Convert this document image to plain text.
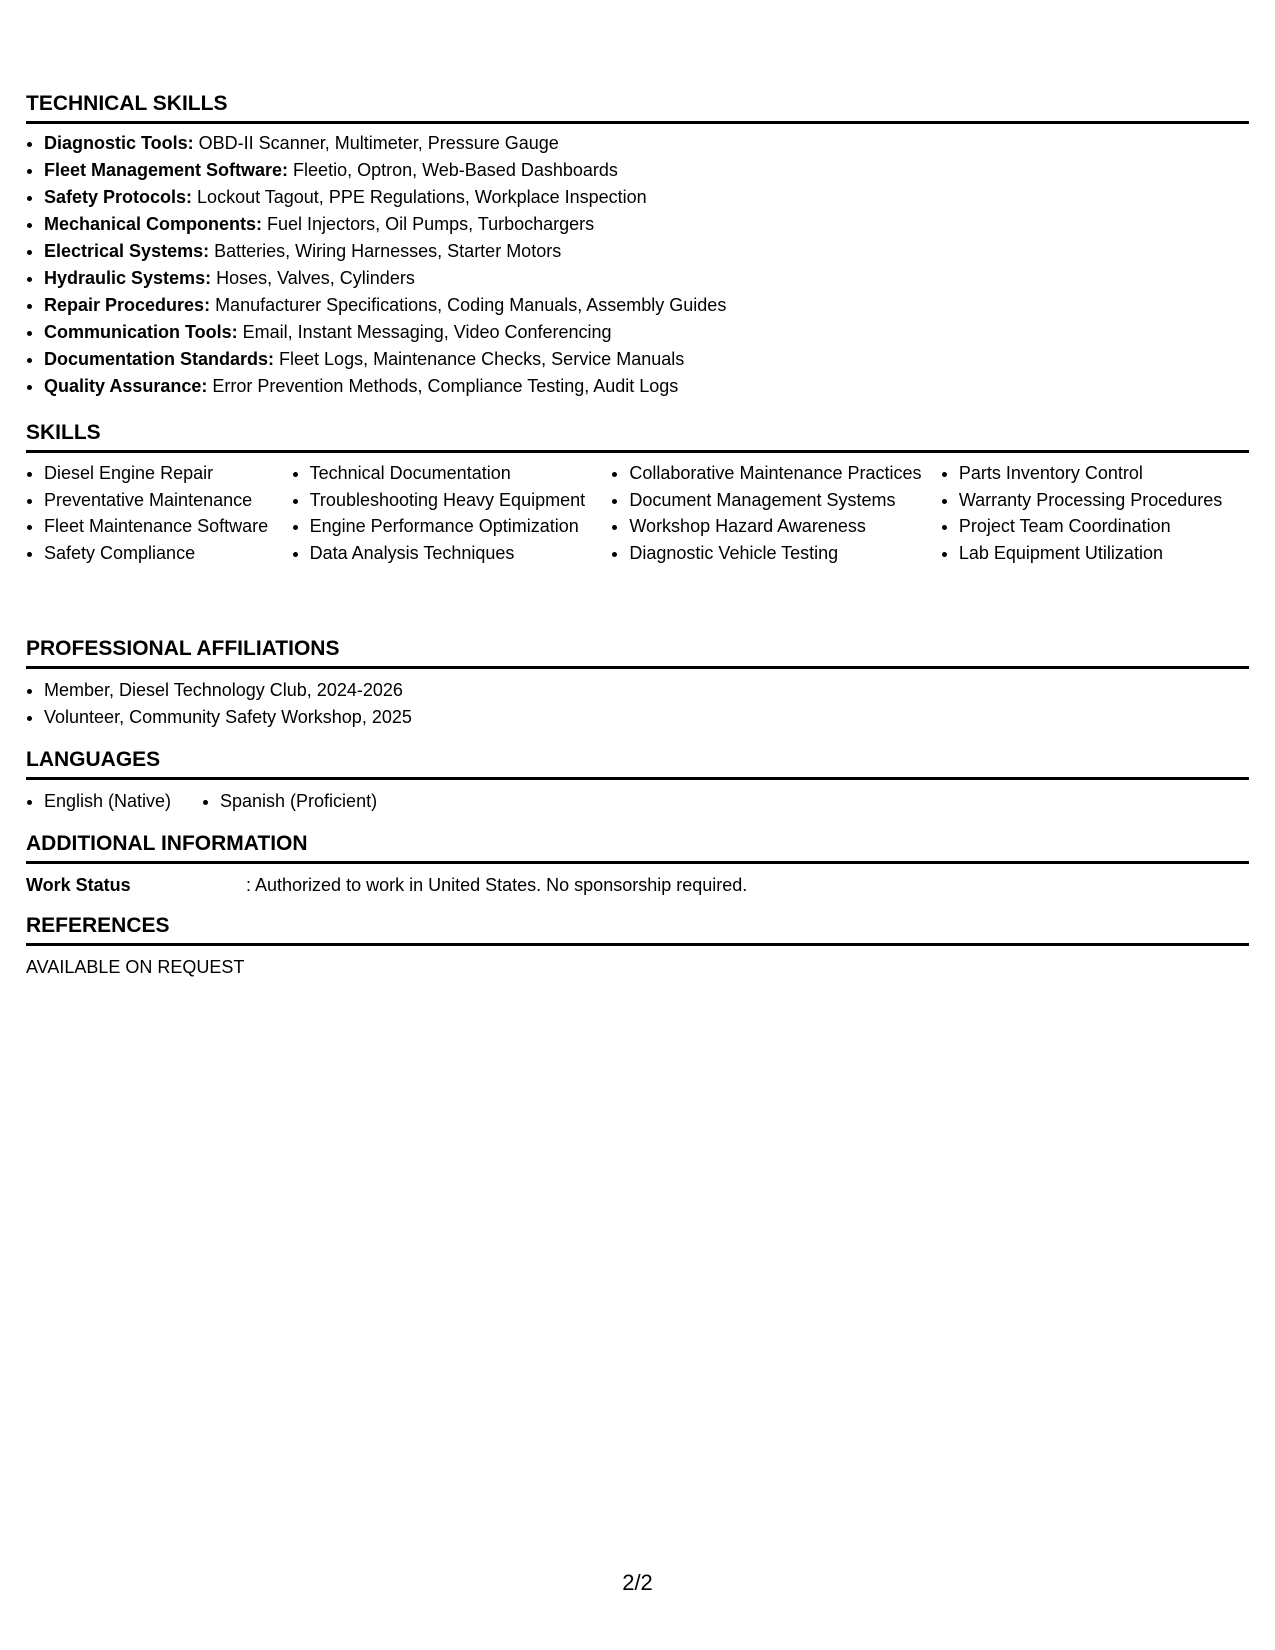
TECHNICAL SKILLS
• Diagnostic Tools: OBD-II Scanner, Multimeter, Pressure Gauge
• Fleet Management Software: Fleetio, Optron, Web-Based Dashboards
• Safety Protocols: Lockout Tagout, PPE Regulations, Workplace Inspection
• Mechanical Components: Fuel Injectors, Oil Pumps, Turbochargers
• Electrical Systems: Batteries, Wiring Harnesses, Starter Motors
• Hydraulic Systems: Hoses, Valves, Cylinders
• Repair Procedures: Manufacturer Specifications, Coding Manuals, Assembly Guides
• Communication Tools: Email, Instant Messaging, Video Conferencing
• Documentation Standards: Fleet Logs, Maintenance Checks, Service Manuals
• Quality Assurance: Error Prevention Methods, Compliance Testing, Audit Logs
SKILLS
• Diesel Engine Repair
• Preventative Maintenance
• Fleet Maintenance Software
• Safety Compliance
• Technical Documentation
• Troubleshooting Heavy Equipment
• Engine Performance Optimization
• Data Analysis Techniques
• Collaborative Maintenance Practices
• Document Management Systems
• Workshop Hazard Awareness
• Diagnostic Vehicle Testing
• Parts Inventory Control
• Warranty Processing Procedures
• Project Team Coordination
• Lab Equipment Utilization
PROFESSIONAL AFFILIATIONS
• Member, Diesel Technology Club, 2024-2026
• Volunteer, Community Safety Workshop, 2025
LANGUAGES
• English (Native)
•	Spanish (Proficient)
ADDITIONAL INFORMATION
Work Status	: Authorized to work in United States. No sponsorship required.
REFERENCES
AVAILABLE ON REQUEST
2/2
